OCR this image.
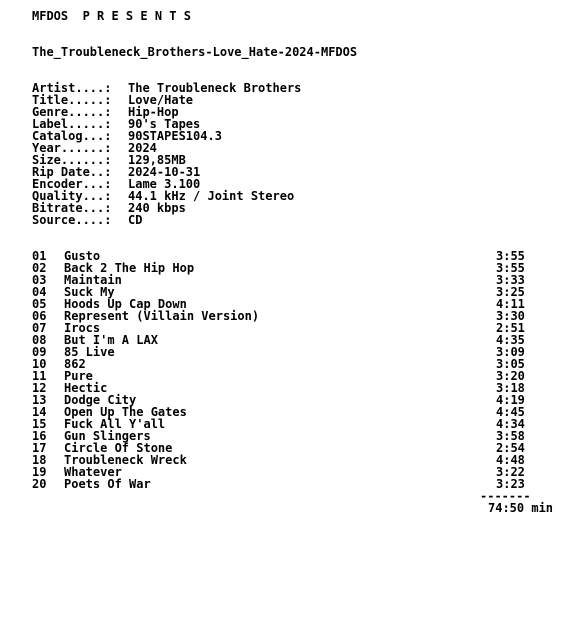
MFDOS  P R E S E N T S
The_Troubleneck_Brothers-Love_Hate-2024-MFDOS
Artist....:	The Troubleneck Brothers
Title.....:	Love/Hate
Genre.....:	Hip-Hop
Label.....:	90's Tapes
Catalog...:	90STAPES104.3
Year......:	2024
Size......:	129,85MB
Rip Date..:	2024-10-31
Encoder...:	Lame 3.100
Quality...:	44.1 kHz / Joint Stereo
Bitrate...:	240 kbps
Source....:	CD
01	Gusto	3:55
02	Back 2 The Hip Hop	3:55
03	Maintain	3:33
04	Suck My	3:25
05	Hoods Up Cap Down	4:11
06	Represent (Villain Version)	3:30
07	Irocs	2:51
08	But I'm A LAX	4:35
09	85 Live	3:09
10	862	3:05
11	Pure	3:20
12	Hectic	3:18
13	Dodge City	4:19
14	Open Up The Gates	4:45
15	Fuck All Y'all	4:34
16	Gun Slingers	3:58
17	Circle Of Stone	2:54
18	Troubleneck Wreck	4:48
19	Whatever	3:22
20	Poets Of War	3:23
-------
74:50 min
